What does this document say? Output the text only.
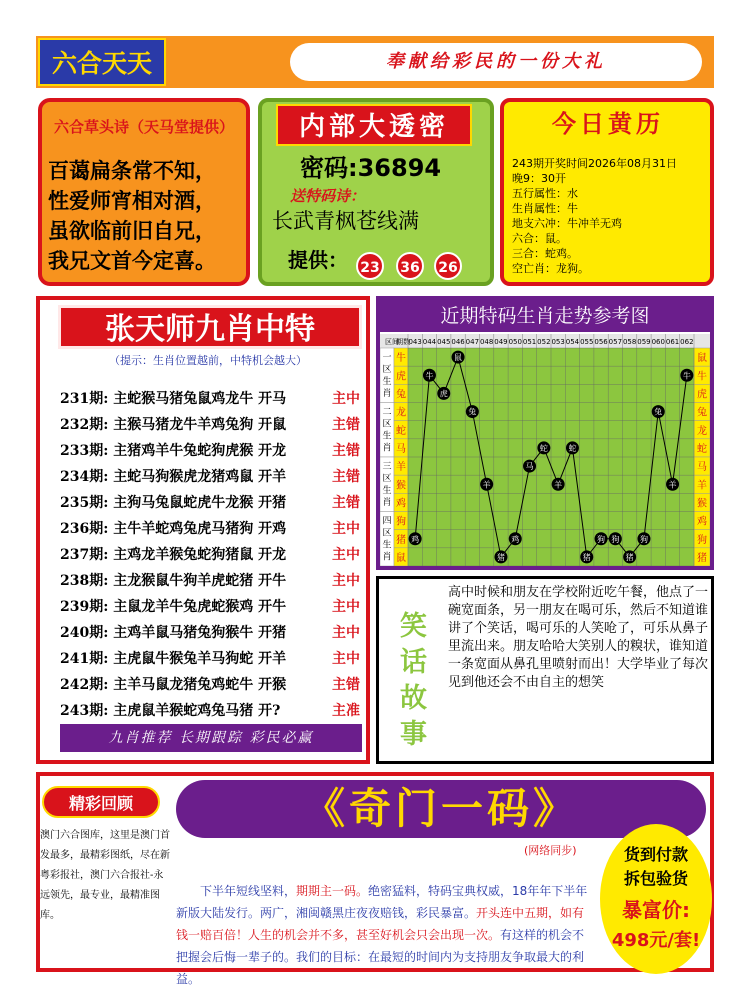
六合天天	奉献给彩民的一份大礼
六合草头诗（天马堂提供）
百蔼扁条常不知，
性爱师宵相对酒，
虽欲临前旧自兄，
我兄文首今定喜。
内部大透密
密码:36894
送特码诗：
长武青枫苍线满
提供： 23	36	26
今日黄历
243期开奖时间2026年08月31日
晚9：30开
五行属性：水
生肖属性：牛
地支六冲：牛冲羊无鸡
六合：鼠。
三合：蛇鸡。
空亡肖：龙狗。
张天师九肖中特
（提示：生肖位置越前，中特机会越大）
231期: 主蛇猴马猪兔鼠鸡龙牛 开马	主中
232期: 主猴马猪龙牛羊鸡兔狗 开鼠	主错
233期: 主猪鸡羊牛兔蛇狗虎猴 开龙	主错
234期: 主蛇马狗猴虎龙猪鸡鼠 开羊	主错
235期: 主狗马兔鼠蛇虎牛龙猴 开猪	主错
236期: 主牛羊蛇鸡兔虎马猪狗 开鸡	主中
237期: 主鸡龙羊猴兔蛇狗猪鼠 开龙	主中
238期: 主龙猴鼠牛狗羊虎蛇猪 开牛	主中
239期: 主鼠龙羊牛兔虎蛇猴鸡 开牛	主中
240期: 主鸡羊鼠马猪兔狗猴牛 开猪	主中
241期: 主虎鼠牛猴兔羊马狗蛇 开羊	主中
242期: 主羊马鼠龙猪兔鸡蛇牛 开猴	主错
243期: 主虎鼠羊猴蛇鸡兔马猪 开?	主准
九肖推荐 长期跟踪 彩民必赢
近期特码生肖走势参考图
区间
期数
043 044 045 046 047 048 049 050 051 052 053 054 055 056 057 058 059 060 061 062
一
区
生
肖
二
区
生
肖
三
区
生
肖
四
区
生
肖
牛	鼠
虎	牛
兔	虎
龙	兔
蛇	龙
马	蛇
羊	马
猴	羊
鸡	猴
狗	鸡
猪	狗
鼠	猪
鸡
牛
虎
鼠
兔
羊
猪
鸡
马
蛇
羊
蛇
猪
狗 狗
猪
狗
兔
羊
牛
笑
话
故
事
高中时候和朋友在学校附近吃午餐，他点了一碗宽面条，另一朋友在喝可乐，然后不知道谁讲了个笑话，喝可乐的人笑呛了，可乐从鼻子里流出来。朋友哈哈大笑别人的糗状，谁知道一条宽面从鼻孔里喷射而出！大学毕业了每次见到他还会不由自主的想笑
精彩回顾
澳门六合图库，这里是澳门首发最多，最精彩图纸，尽在新粤彩报社，澳门六合报社-永远领先，最专业，最精准图库。
《奇门一码》
(网络同步)
下半年短线坚料，期期主一码。绝密猛料，特码宝典权威，18年年下半年新版大陆发行。两广，湘闽赣黑庄夜夜赔钱，彩民暴富。开头连中五期，如有钱一赔百倍！人生的机会并不多，甚至好机会只会出现一次。有这样的机会不把握会后悔一辈子的。我们的目标：在最短的时间内为支持朋友争取最大的利益。
货到付款
拆包验货
暴富价:
498元/套!
